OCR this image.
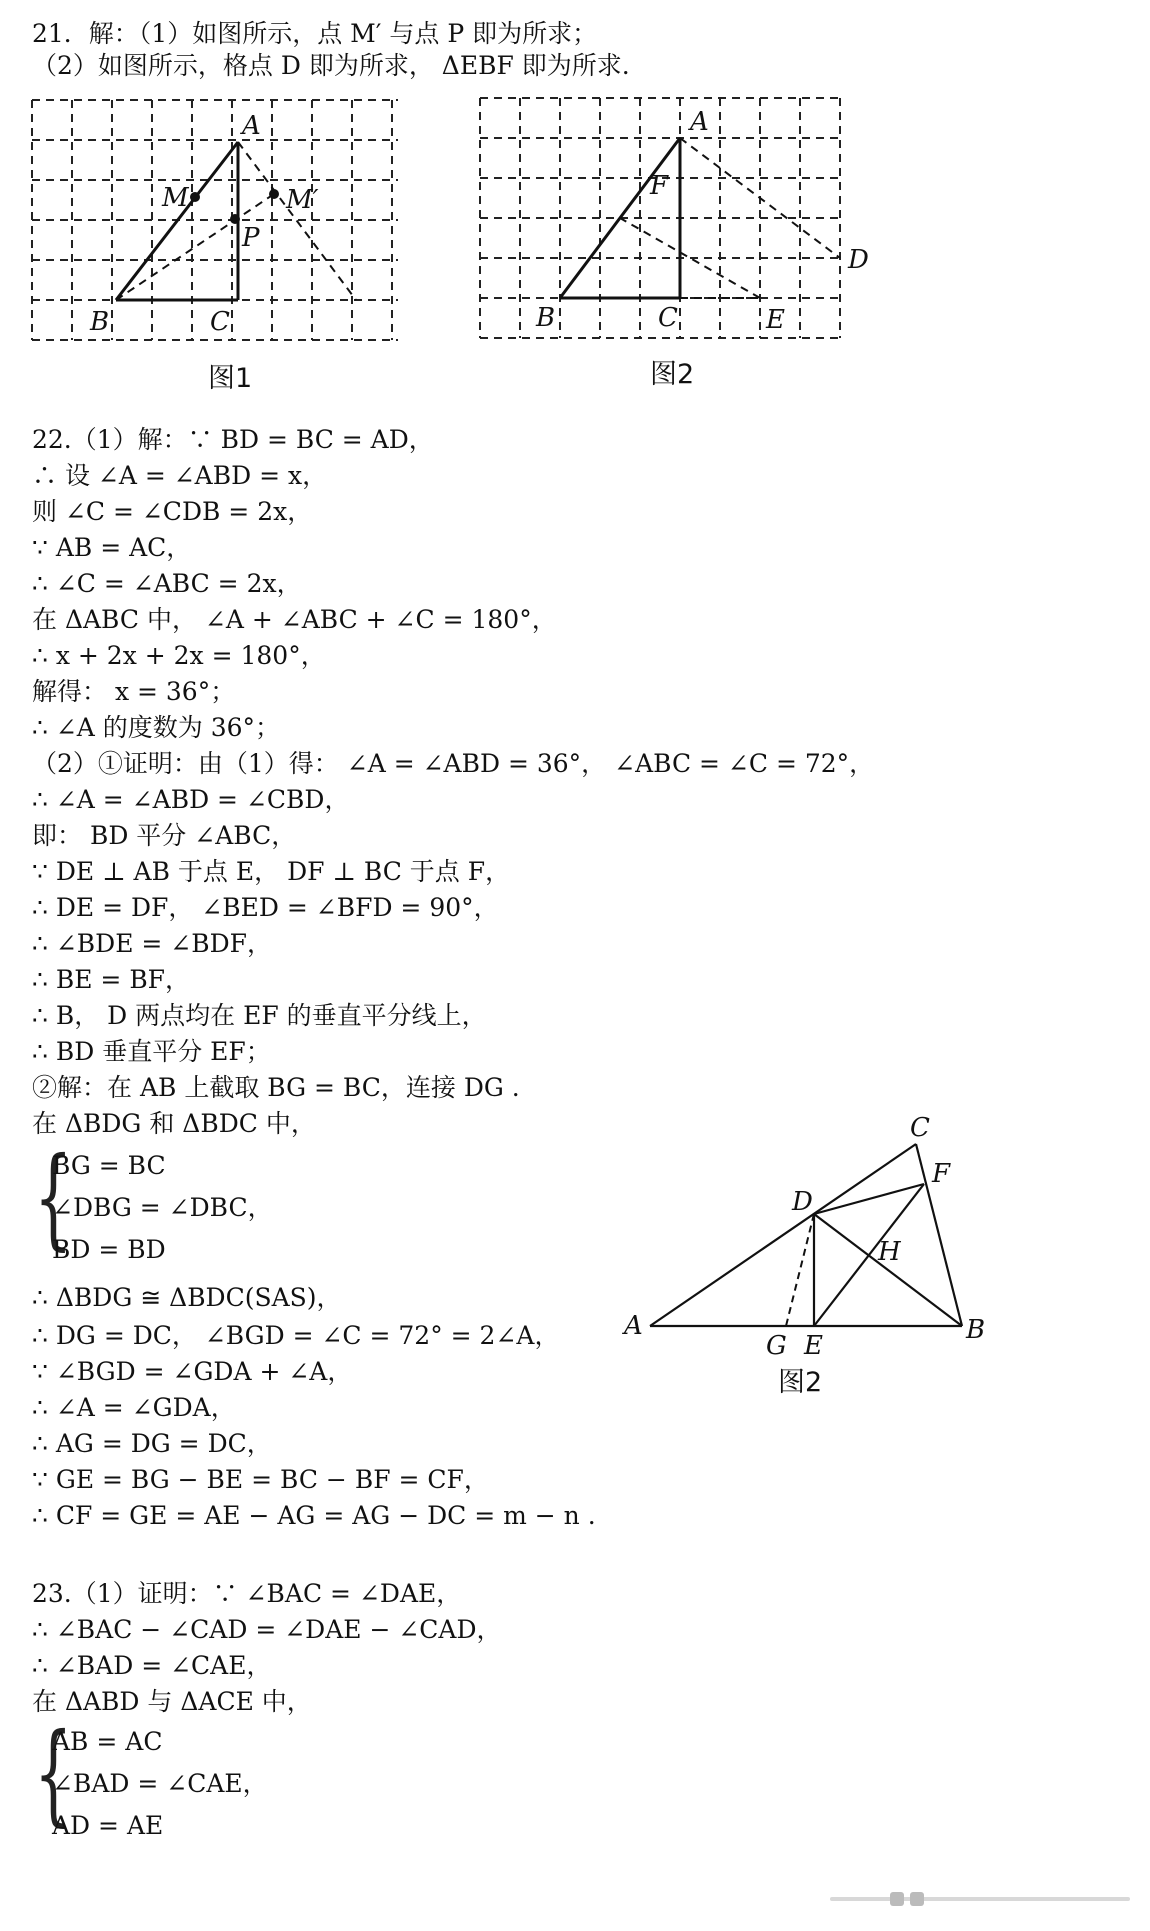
21．解：（1）如图所示，点 M′ 与点 P 即为所求；
（2）如图所示，格点 D 即为所求， ΔEBF 即为所求.
A
M	M′
P
B	C
图1
A
F
D
B	C	E
图2
22.（1）解：∵ BD = BC = AD，
∴ 设 ∠A = ∠ABD = x，
则 ∠C = ∠CDB = 2x，
∵ AB = AC，
∴ ∠C = ∠ABC = 2x，
在 ΔABC 中， ∠A + ∠ABC + ∠C = 180°，
∴ x + 2x + 2x = 180°，
解得： x = 36°；
∴ ∠A 的度数为 36°；
（2）①证明：由（1）得： ∠A = ∠ABD = 36°， ∠ABC = ∠C = 72°，
∴ ∠A = ∠ABD = ∠CBD，
即： BD 平分 ∠ABC，
∵ DE ⊥ AB 于点 E， DF ⊥ BC 于点 F，
∴ DE = DF， ∠BED = ∠BFD = 90°，
∴ ∠BDE = ∠BDF，
∴ BE = BF，
∴ B， D 两点均在 EF 的垂直平分线上，
∴ BD 垂直平分 EF；
②解：在 AB 上截取 BG = BC，连接 DG .
在 ΔBDG 和 ΔBDC 中，
{
BG = BC
∠DBG = ∠DBC，
BD = BD
∴ ΔBDG ≅ ΔBDC(SAS)，
∴ DG = DC， ∠BGD = ∠C = 72° = 2∠A，
∵ ∠BGD = ∠GDA + ∠A，
∴ ∠A = ∠GDA，
∴ AG = DG = DC，
∵ GE = BG − BE = BC − BF = CF，
∴ CF = GE = AE − AG = AG − DC = m − n .
C
F
D
H
A	B
G E
图2
23.（1）证明：∵ ∠BAC = ∠DAE，
∴ ∠BAC − ∠CAD = ∠DAE − ∠CAD，
∴ ∠BAD = ∠CAE，
在 ΔABD 与 ΔACE 中，
{
AB = AC
∠BAD = ∠CAE，
AD = AE
